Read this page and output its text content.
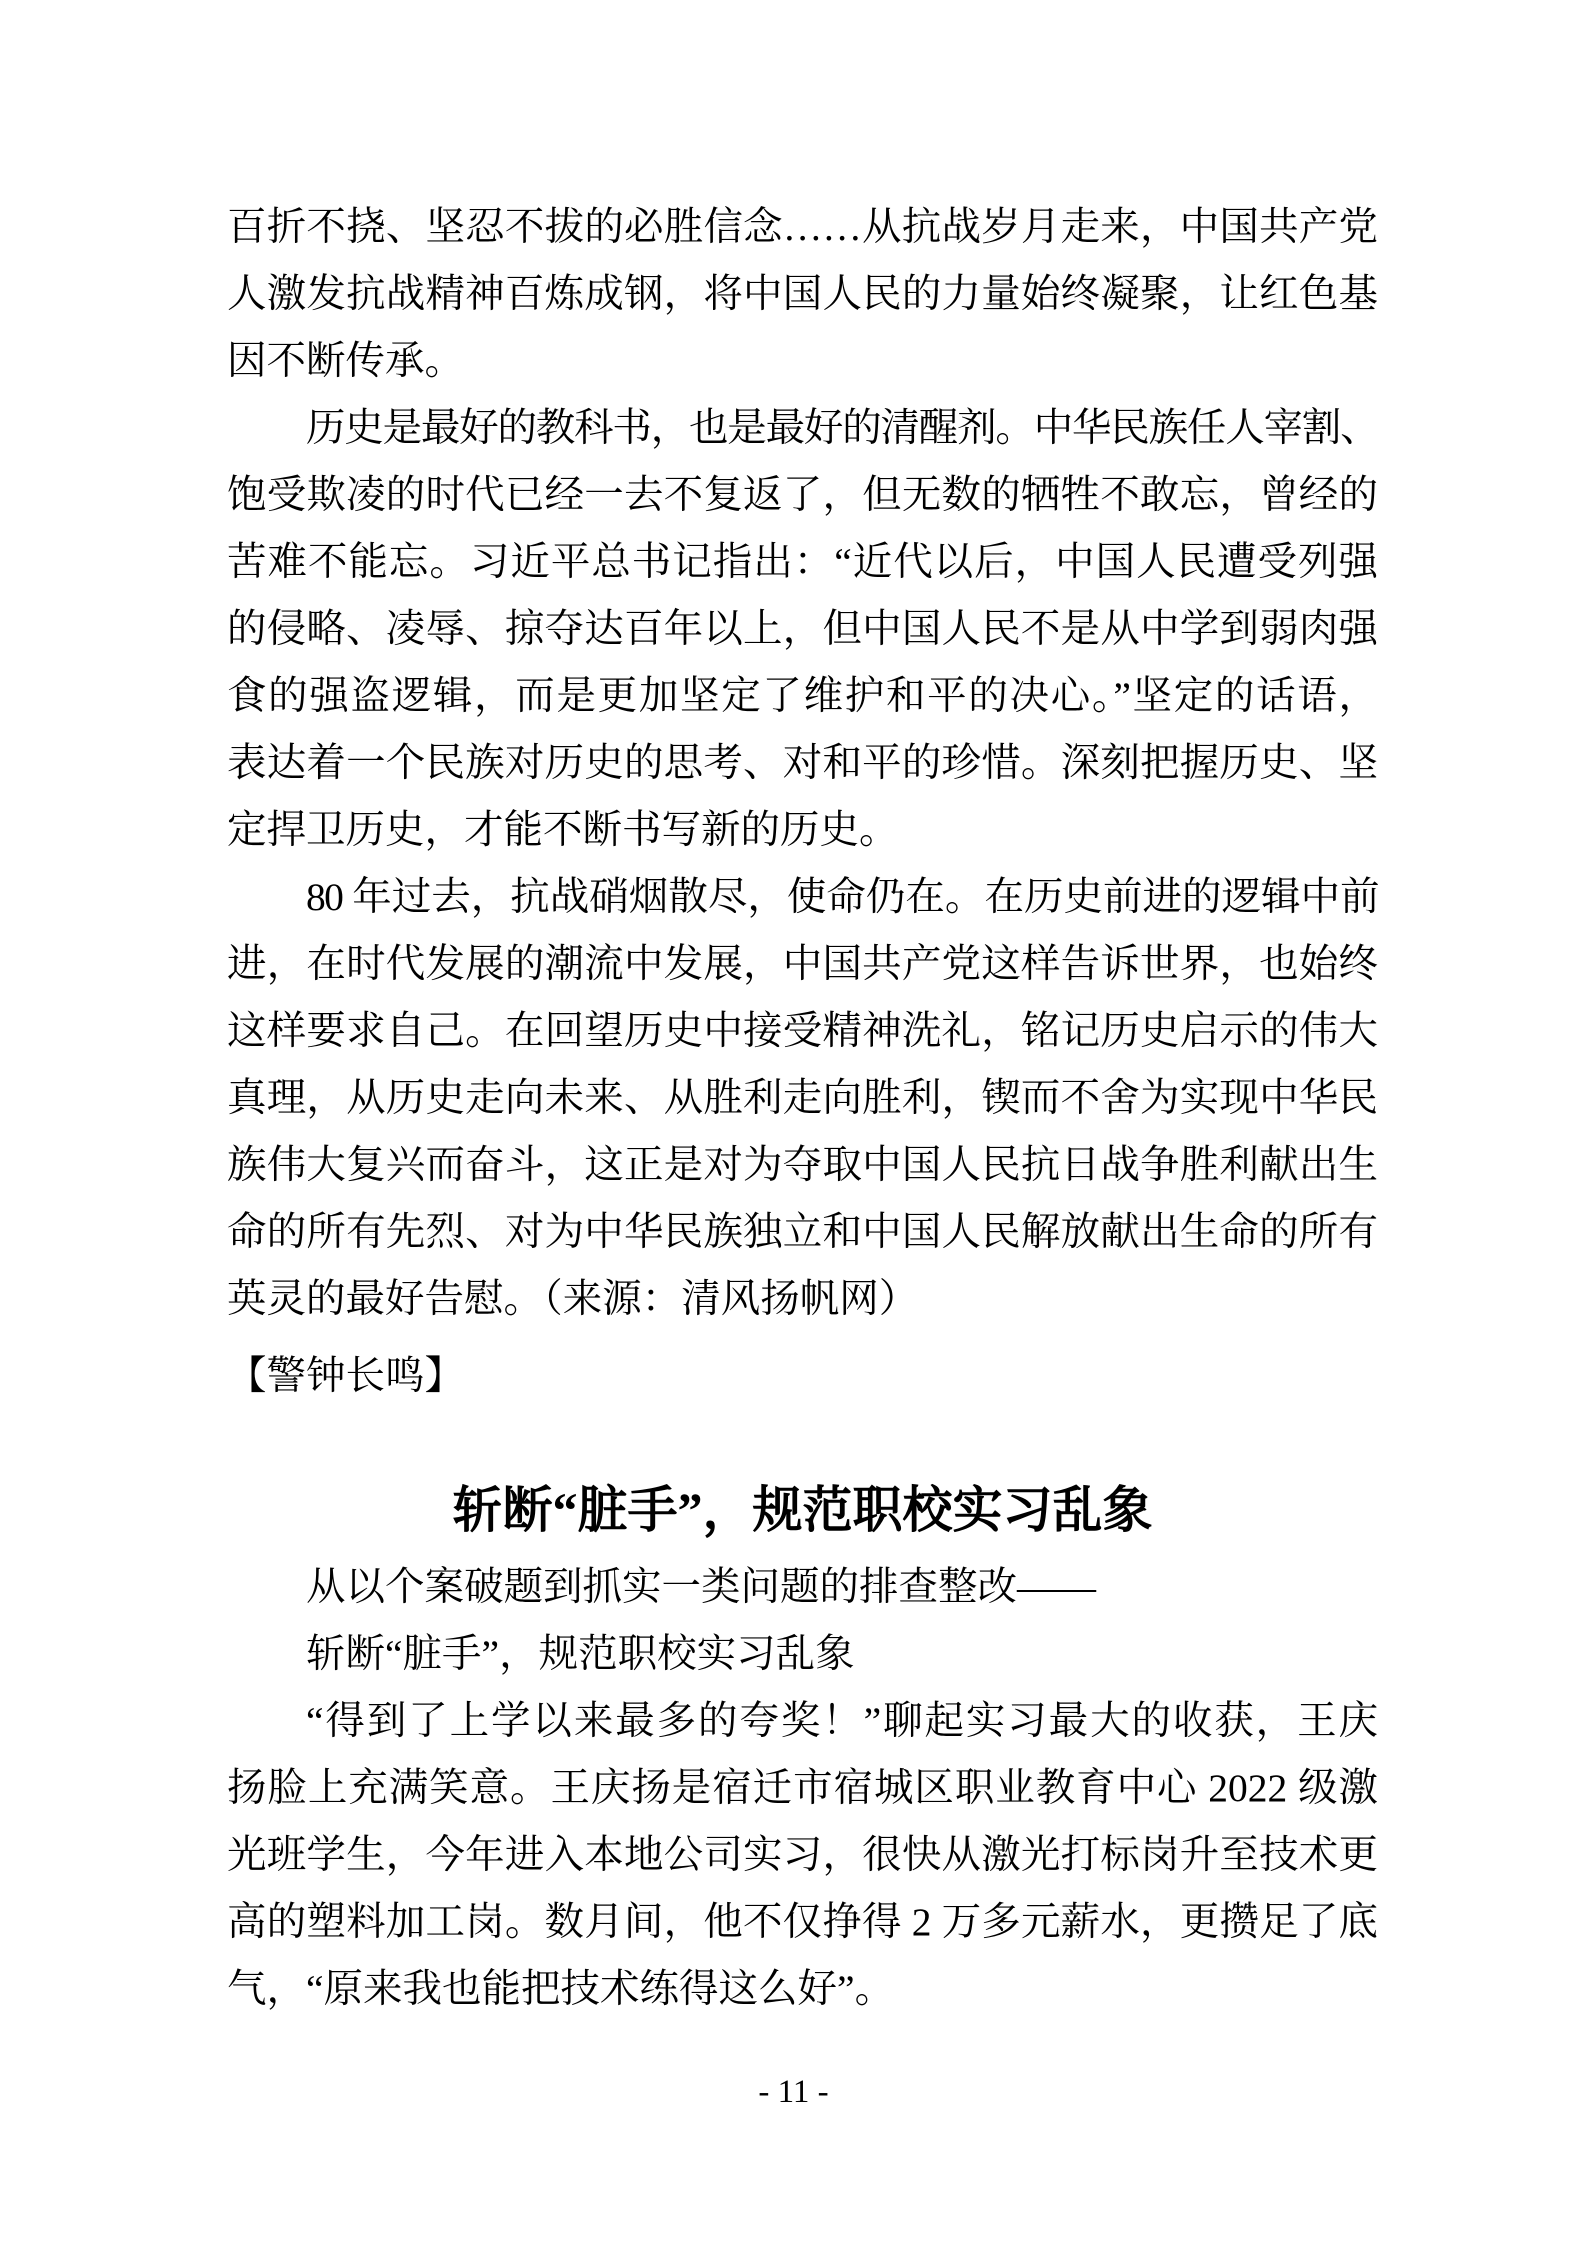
百折不挠、坚忍不拔的必胜信念……从抗战岁月走来，中国共产党
人激发抗战精神百炼成钢，将中国人民的力量始终凝聚，让红色基
因不断传承。
历史是最好的教科书，也是最好的清醒剂。中华民族任人宰割、
饱受欺凌的时代已经一去不复返了，但无数的牺牲不敢忘，曾经的
苦难不能忘。习近平总书记指出：“近代以后，中国人民遭受列强
的侵略、凌辱、掠夺达百年以上，但中国人民不是从中学到弱肉强
食的强盗逻辑，而是更加坚定了维护和平的决心。”坚定的话语，
表达着一个民族对历史的思考、对和平的珍惜。深刻把握历史、坚
定捍卫历史，才能不断书写新的历史。
80 年过去，抗战硝烟散尽，使命仍在。在历史前进的逻辑中前
进，在时代发展的潮流中发展，中国共产党这样告诉世界，也始终
这样要求自己。在回望历史中接受精神洗礼，铭记历史启示的伟大
真理，从历史走向未来、从胜利走向胜利，锲而不舍为实现中华民
族伟大复兴而奋斗，这正是对为夺取中国人民抗日战争胜利献出生
命的所有先烈、对为中华民族独立和中国人民解放献出生命的所有
英灵的最好告慰。（来源：清风扬帆网）
【警钟长鸣】
斩断“脏手”，规范职校实习乱象
从以个案破题到抓实一类问题的排查整改——
斩断“脏手”，规范职校实习乱象
“得到了上学以来最多的夸奖！”聊起实习最大的收获，王庆
扬脸上充满笑意。王庆扬是宿迁市宿城区职业教育中心 2022 级激
光班学生，今年进入本地公司实习，很快从激光打标岗升至技术更
高的塑料加工岗。数月间，他不仅挣得 2 万多元薪水，更攒足了底
气，“原来我也能把技术练得这么好”。
- 11 -
